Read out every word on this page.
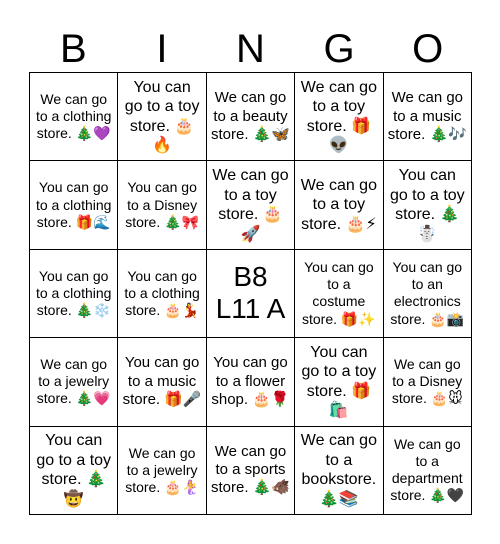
B	I	N	G	O
We can go to a clothing store. 🎄💜
You can go to a toy store. 🎂🔥
We can go to a beauty store. 🎄🦋
We can go to a toy store. 🎁👽
We can go to a music store. 🎄🎶
You can go to a clothing store. 🎁🌊
You can go to a Disney store. 🎄🎀
We can go to a toy store. 🎂🚀
We can go to a toy store. 🎂⚡
You can go to a toy store. 🎄☃️
You can go to a clothing store. 🎄❄️
You can go to a clothing store. 🎂💃
B8 L11 A
You can go to a costume store. 🎁✨
You can go to an electronics store. 🎂📸
We can go to a jewelry store. 🎄💗
You can go to a music store. 🎁🎤
You can go to a flower shop. 🎂🌹
You can go to a toy store. 🎁🛍️
We can go to a Disney store. 🎂🐭
You can go to a toy store. 🎄🤠
We can go to a jewelry store. 🎂🧜‍♀️
We can go to a sports store. 🎄🐗
We can go to a bookstore. 🎄📚
We can go to a department store. 🎄🖤
